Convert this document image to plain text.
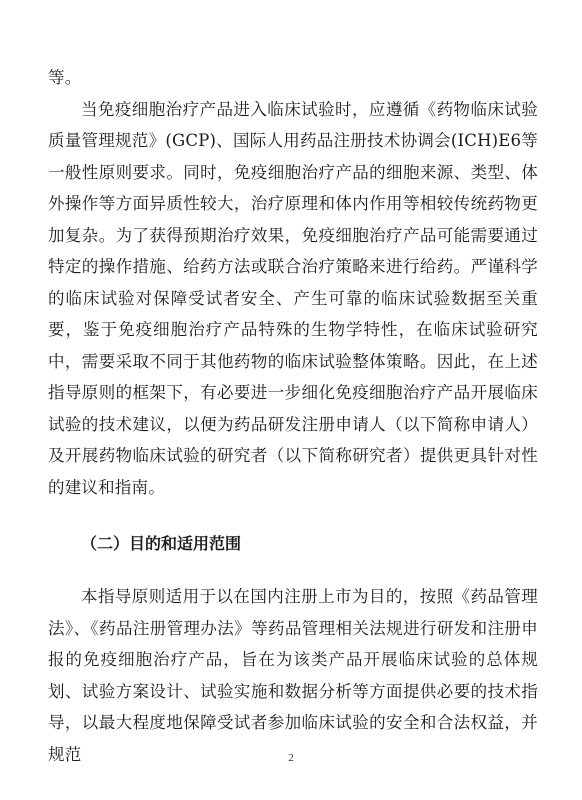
等。

当免疫细胞治疗产品进入临床试验时，应遵循《药物临床试验质量管理规范》(GCP)、国际人用药品注册技术协调会(ICH)E6等一般性原则要求。同时，免疫细胞治疗产品的细胞来源、类型、体外操作等方面异质性较大，治疗原理和体内作用等相较传统药物更加复杂。为了获得预期治疗效果，免疫细胞治疗产品可能需要通过特定的操作措施、给药方法或联合治疗策略来进行给药。严谨科学的临床试验对保障受试者安全、产生可靠的临床试验数据至关重要，鉴于免疫细胞治疗产品特殊的生物学特性，在临床试验研究中，需要采取不同于其他药物的临床试验整体策略。因此，在上述指导原则的框架下，有必要进一步细化免疫细胞治疗产品开展临床试验的技术建议，以便为药品研发注册申请人（以下简称申请人）及开展药物临床试验的研究者（以下简称研究者）提供更具针对性的建议和指南。

（二）目的和适用范围

本指导原则适用于以在国内注册上市为目的，按照《药品管理法》、《药品注册管理办法》等药品管理相关法规进行研发和注册申报的免疫细胞治疗产品，旨在为该类产品开展临床试验的总体规划、试验方案设计、试验实施和数据分析等方面提供必要的技术指导，以最大程度地保障受试者参加临床试验的安全和合法权益，并规范	2
